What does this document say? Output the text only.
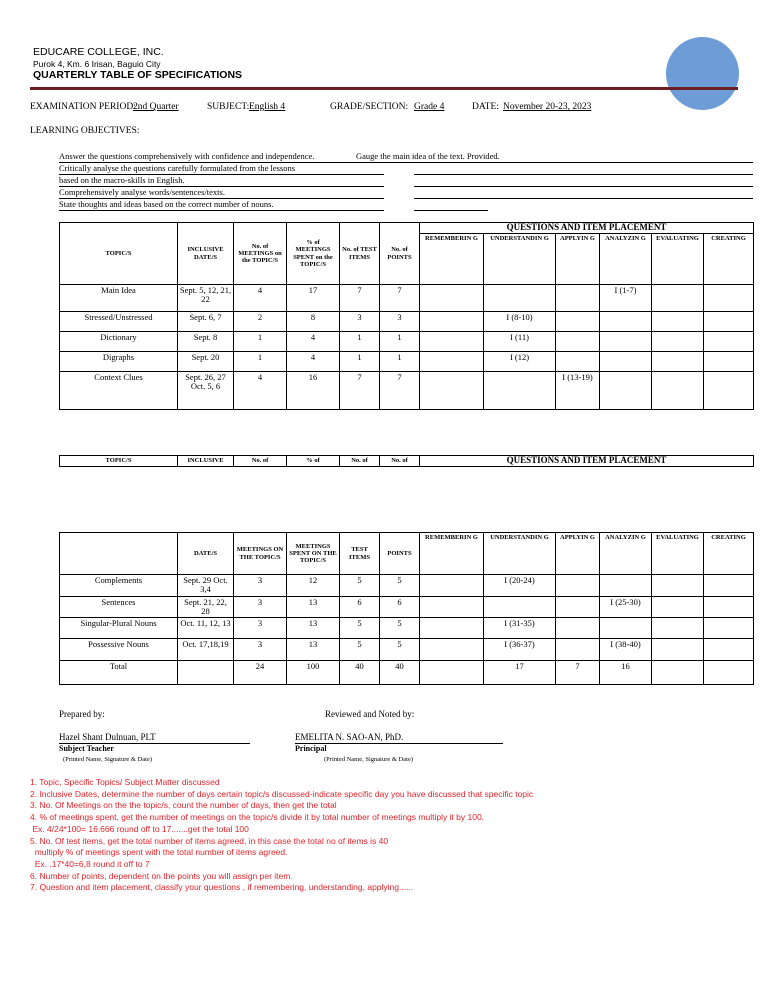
EDUCARE COLLEGE, INC.
Purok 4, Km. 6 Irisan, Baguio City
QUARTERLY TABLE OF SPECIFICATIONS
EXAMINATION PERIOD:
2nd Quarter	SUBJECT: English 4	GRADE/SECTION: Grade 4	DATE: November 20-23, 2023
LEARNING OBJECTIVES:
Answer the questions comprehensively with confidence and independence.
Critically analyse the questions carefully formulated from the lessons
based on the macro-skills in English.
Comprehensively analyse words/sentences/texts.
State thoughts and ideas based on the correct number of nouns.
Gauge the main idea of the text. Provided.
TOPIC/S	INCLUSIVE DATE/S	No. of MEETINGS on the TOPIC/S	% of MEETINGS SPENT on the TOPIC/S	No. of TEST ITEMS	No. of POINTS	QUESTIONS AND ITEM PLACEMENT					
						REMEMBERIN G	UNDERSTANDIN G	APPLYIN G	ANALYZIN G	EVALUATING	CREATING
Main Idea	Sept. 5, 12, 21, 22	4	17	7	7				I (1-7)		
Stressed/Unstressed	Sept. 6, 7	2	8	3	3		I (8-10)				
Dictionary	Sept. 8	1	4	1	1		I (11)				
Digraphs	Sept. 20	1	4	1	1		I (12)				
Context Clues	Sept. 26, 27 Oct. 5, 6	4	16	7	7			I (13-19)			
TOPIC/S	INCLUSIVE	No. of	% of	No. of	No. of	QUESTIONS AND ITEM PLACEMENT
	DATE/S	MEETINGS ON THE TOPIC/S	MEETINGS SPENT ON THE TOPIC/S	TEST ITEMS	POINTS	REMEMBERIN G	UNDERSTANDIN G	APPLYIN G	ANALYZIN G	EVALUATING	CREATING
Complements	Sept. 29 Oct. 3,4	3	12	5	5		I (20-24)				
Sentences	Sept. 21, 22, 28	3	13	6	6				I (25-30)		
Singular-Plural Nouns	Oct. 11, 12, 13	3	13	5	5		I (31-35)				
Possessive Nouns	Oct. 17,18,19	3	13	5	5		I (36-37)		I (38-40)		
Total		24	100	40	40		17	7	16		
Prepared by:
Hazel Shant Dulnuan, PLT
Subject Teacher
(Printed Name, Signature & Date)
Reviewed and Noted by:
EMELITA N. SAO-AN, PhD.
Principal
(Printed Name, Signature & Date)
1. Topic, Specific Topics/ Subject Matter discussed
2. Inclusive Dates, determine the number of days certain topic/s discussed-indicate specific day you have discussed that specific topic
3. No. Of Meetings on the the topic/s, count the number of days, then get the total
4. % of meetings spent, get the number of meetings on the topic/s divide it by total number of meetings multiply it by 100.
Ex. 4/24*100= 16.666 round off to 17.......get the total 100
5. No. Of test items, get the total number of items agreed, in this case the total no of items is 40
multiply % of meetings spent with the total number of items agreed.
Ex. .17*40=6,8 round it off to 7
6. Number of points, dependent on the points you will assign per item.
7. Question and item placement, classify your questions , if remembering, understanding, applying......
